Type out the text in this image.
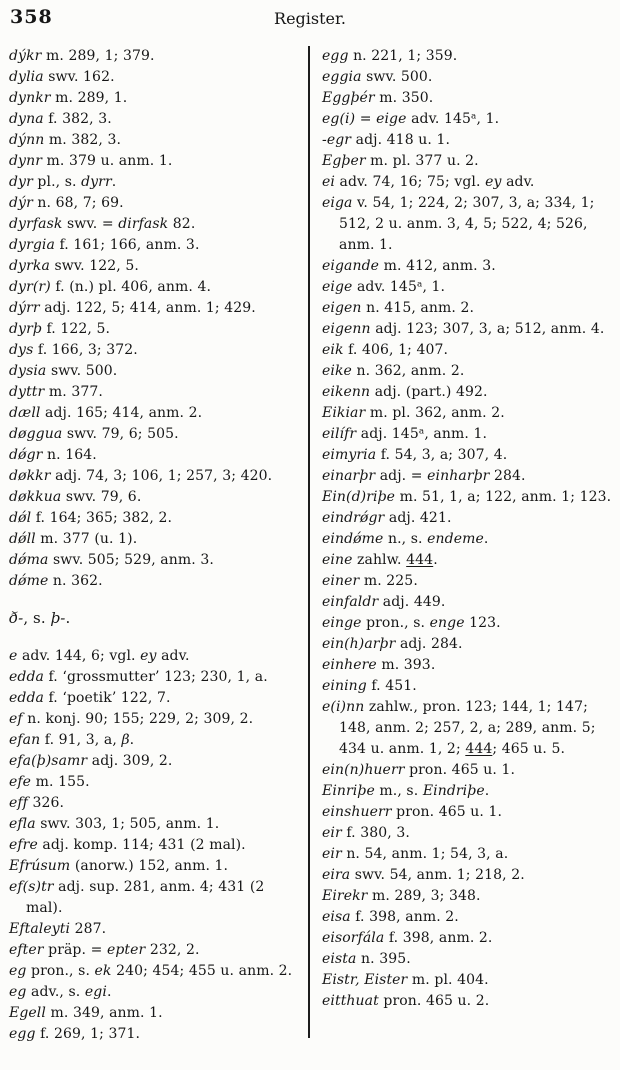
358	Register.
dýkr m. 289, 1; 379.
dylia swv. 162.
dynkr m. 289, 1.
dyna f. 382, 3.
dýnn m. 382, 3.
dynr m. 379 u. anm. 1.
dyr pl., s. dyrr.
dýr n. 68, 7; 69.
dyrfask swv. = dirfask 82.
dyrgia f. 161; 166, anm. 3.
dyrka swv. 122, 5.
dyr(r) f. (n.) pl. 406, anm. 4.
dýrr adj. 122, 5; 414, anm. 1; 429.
dyrþ f. 122, 5.
dys f. 166, 3; 372.
dysia swv. 500.
dyttr m. 377.
dæll adj. 165; 414, anm. 2.
døggua swv. 79, 6; 505.
dǿgr n. 164.
døkkr adj. 74, 3; 106, 1; 257, 3; 420.
døkkua swv. 79, 6.
dǿl f. 164; 365; 382, 2.
dǿll m. 377 (u. 1).
dǿma swv. 505; 529, anm. 3.
dǿme n. 362.
ð-, s. þ-.
e adv. 144, 6; vgl. ey adv.
edda f. ‘grossmutter’ 123; 230, 1, a.
edda f. ‘poetik’ 122, 7.
ef n. konj. 90; 155; 229, 2; 309, 2.
efan f. 91, 3, a, β.
efa(þ)samr adj. 309, 2.
efe m. 155.
eff 326.
efla swv. 303, 1; 505, anm. 1.
efre adj. komp. 114; 431 (2 mal).
Efrúsum (anorw.) 152, anm. 1.
ef(s)tr adj. sup. 281, anm. 4; 431 (2 mal).
Eftaleyti 287.
efter präp. = epter 232, 2.
eg pron., s. ek 240; 454; 455 u. anm. 2.
eg adv., s. egi.
Egell m. 349, anm. 1.
egg f. 269, 1; 371.
egg n. 221, 1; 359.
eggia swv. 500.
Eggþér m. 350.
eg(i) = eige adv. 145ᵃ, 1.
-egr adj. 418 u. 1.
Egþer m. pl. 377 u. 2.
ei adv. 74, 16; 75; vgl. ey adv.
eiga v. 54, 1; 224, 2; 307, 3, a; 334, 1; 512, 2 u. anm. 3, 4, 5; 522, 4; 526, anm. 1.
eigande m. 412, anm. 3.
eige adv. 145ᵃ, 1.
eigen n. 415, anm. 2.
eigenn adj. 123; 307, 3, a; 512, anm. 4.
eik f. 406, 1; 407.
eike n. 362, anm. 2.
eikenn adj. (part.) 492.
Eikiar m. pl. 362, anm. 2.
eilífr adj. 145ᵃ, anm. 1.
eimyria f. 54, 3, a; 307, 4.
einarþr adj. = einharþr 284.
Ein(d)riþe m. 51, 1, a; 122, anm. 1; 123.
eindrǿgr adj. 421.
eindǿme n., s. endeme.
eine zahlw. 444.
einer m. 225.
einfaldr adj. 449.
einge pron., s. enge 123.
ein(h)arþr adj. 284.
einhere m. 393.
eining f. 451.
e(i)nn zahlw., pron. 123; 144, 1; 147; 148, anm. 2; 257, 2, a; 289, anm. 5; 434 u. anm. 1, 2; 444; 465 u. 5.
ein(n)huerr pron. 465 u. 1.
Einriþe m., s. Eindriþe.
einshuerr pron. 465 u. 1.
eir f. 380, 3.
eir n. 54, anm. 1; 54, 3, a.
eira swv. 54, anm. 1; 218, 2.
Eirekr m. 289, 3; 348.
eisa f. 398, anm. 2.
eisorfála f. 398, anm. 2.
eista n. 395.
Eistr, Eister m. pl. 404.
eitthuat pron. 465 u. 2.
